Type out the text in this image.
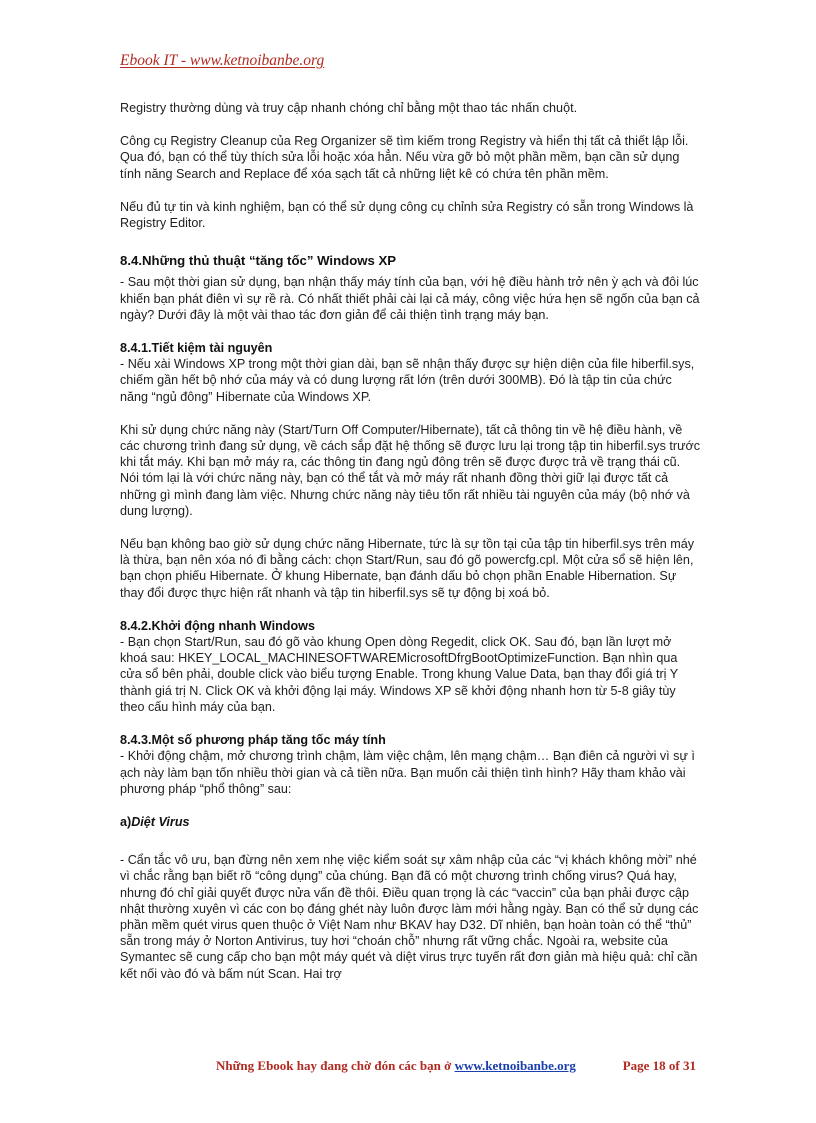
Ebook IT - www.ketnoibanbe.org

Registry thường dùng và truy cập nhanh chóng chỉ bằng một thao tác nhấn chuột.

Công cụ Registry Cleanup của Reg Organizer sẽ tìm kiếm trong Registry và hiển thị tất cả thiết lập lỗi. Qua đó, bạn có thể tùy thích sửa lỗi hoặc xóa hẳn. Nếu vừa gỡ bỏ một phần mềm, bạn cần sử dụng tính năng Search and Replace để xóa sạch tất cả những liệt kê có chứa tên phần mềm.

Nếu đủ tự tin và kinh nghiệm, bạn có thể sử dụng công cụ chỉnh sửa Registry có sẵn trong Windows là Registry Editor.

8.4.Những thủ thuật “tăng tốc” Windows XP

- Sau một thời gian sử dụng, bạn nhận thấy máy tính của bạn, với hệ điều hành trở nên ỳ ạch và đôi lúc khiến bạn phát điên vì sự rề rà. Có nhất thiết phải cài lại cả máy, công việc hứa hẹn sẽ ngốn của bạn cả ngày? Dưới đây là một vài thao tác đơn giản để cải thiện tình trạng máy bạn.

8.4.1.Tiết kiệm tài nguyên

- Nếu xài Windows XP trong một thời gian dài, bạn sẽ nhận thấy được sự hiện diện của file hiberfil.sys, chiếm gần hết bộ nhớ của máy và có dung lượng rất lớn (trên dưới 300MB). Đó là tập tin của chức năng “ngủ đông” Hibernate của Windows XP.

Khi sử dụng chức năng này (Start/Turn Off Computer/Hibernate), tất cả thông tin về hệ điều hành, về các chương trình đang sử dụng, về cách sắp đặt hệ thống sẽ được lưu lại trong tập tin hiberfil.sys trước khi tắt máy. Khi bạn mở máy ra, các thông tin đang ngủ đông trên sẽ được được trả về trạng thái cũ. Nói tóm lại là với chức năng này, bạn có thể tắt và mở máy rất nhanh đồng thời giữ lại được tất cả những gì mình đang làm việc. Nhưng chức năng này tiêu tốn rất nhiều tài nguyên của máy (bộ nhớ và dung lượng).

Nếu bạn không bao giờ sử dụng chức năng Hibernate, tức là sự tồn tại của tập tin hiberfil.sys trên máy là thừa, bạn nên xóa nó đi bằng cách: chọn Start/Run, sau đó gõ powercfg.cpl. Một cửa sổ sẽ hiện lên, bạn chọn phiếu Hibernate. Ở khung Hibernate, bạn đánh dấu bỏ chọn phần Enable Hibernation. Sự thay đổi được thực hiện rất nhanh và tập tin hiberfil.sys sẽ tự động bị xoá bỏ.

8.4.2.Khởi động nhanh Windows

- Bạn chọn Start/Run, sau đó gõ vào khung Open dòng Regedit, click OK. Sau đó, bạn lần lượt mở khoá sau: HKEY_LOCAL_MACHINESOFTWAREMicrosoftDfrgBootOptimizeFunction. Bạn nhìn qua cửa sổ bên phải, double click vào biểu tượng Enable. Trong khung Value Data, bạn thay đổi giá trị Y thành giá trị N. Click OK và khởi động lại máy. Windows XP sẽ khởi động nhanh hơn từ 5-8 giây tùy theo cấu hình máy của bạn.

8.4.3.Một số phương pháp tăng tốc máy tính

- Khởi động chậm, mở chương trình chậm, làm việc chậm, lên mạng chậm… Bạn điên cả người vì sự ì ạch này làm bạn tốn nhiều thời gian và cả tiền nữa. Bạn muốn cải thiện tình hình? Hãy tham khảo vài phương pháp “phổ thông” sau:

a)Diệt Virus

- Cẩn tắc vô ưu, bạn đừng nên xem nhẹ việc kiểm soát sự xâm nhập của các “vị khách không mời” nhé vì chắc rằng bạn biết rõ “công dụng” của chúng. Bạn đã có một chương trình chống virus? Quá hay, nhưng đó chỉ giải quyết được nửa vấn đề thôi. Điều quan trọng là các “vaccin” của bạn phải được cập nhật thường xuyên vì các con bọ đáng ghét này luôn được làm mới hằng ngày. Bạn có thể sử dụng các phần mềm quét virus quen thuộc ở Việt Nam như BKAV hay D32. Dĩ nhiên, bạn hoàn toàn có thể “thủ” sẵn trong máy ở Norton Antivirus, tuy hơi “choán chỗ” nhưng rất vững chắc. Ngoài ra, website của Symantec sẽ cung cấp cho bạn một máy quét và diệt virus trực tuyến rất đơn giản mà hiệu quả: chỉ cần kết nối vào đó và bấm nút Scan. Hai trợ

Những Ebook hay đang chờ đón các bạn ở www.ketnoibanbe.org	Page 18 of 31
